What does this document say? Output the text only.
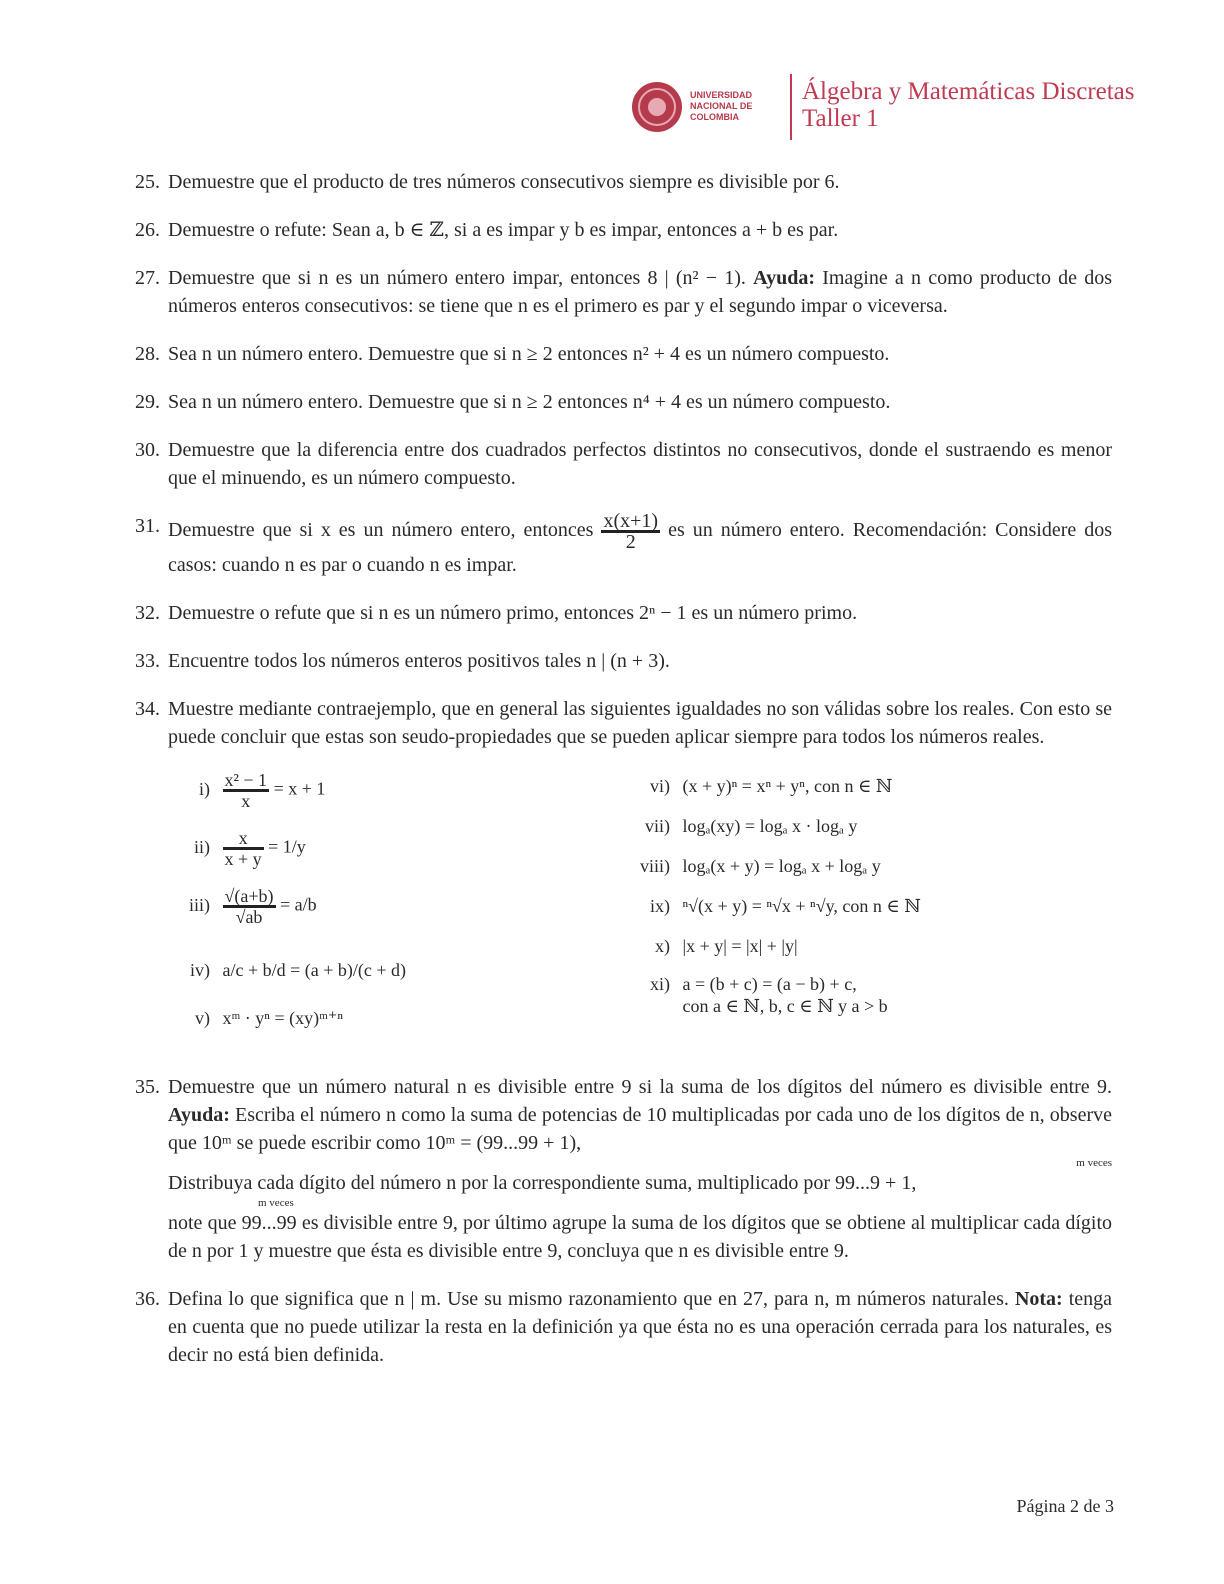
UNIVERSIDAD NACIONAL DE COLOMBIA
Álgebra y Matemáticas Discretas
Taller 1

25. Demuestre que el producto de tres números consecutivos siempre es divisible por 6.

26. Demuestre o refute: Sean a, b ∈ ℤ, si a es impar y b es impar, entonces a + b es par.

27. Demuestre que si n es un número entero impar, entonces 8 | (n² − 1). Ayuda: Imagine a n como producto de dos números enteros consecutivos: se tiene que n es el primero es par y el segundo impar o viceversa.

28. Sea n un número entero. Demuestre que si n ≥ 2 entonces n² + 4 es un número compuesto.

29. Sea n un número entero. Demuestre que si n ≥ 2 entonces n⁴ + 4 es un número compuesto.

30. Demuestre que la diferencia entre dos cuadrados perfectos distintos no consecutivos, donde el sustraendo es menor que el minuendo, es un número compuesto.

31. Demuestre que si x es un número entero, entonces $\frac{x(x+1)}{2}$ es un número entero. Recomendación: Considere dos casos: cuando n es par o cuando n es impar.

32. Demuestre o refute que si n es un número primo, entonces 2ⁿ − 1 es un número primo.

33. Encuentre todos los números enteros positivos tales n | (n + 3).

34. Muestre mediante contraejemplo, que en general las siguientes igualdades no son válidas sobre los reales. Con esto se puede concluir que estas son seudo-propiedades que se pueden aplicar siempre para todos los números reales.

$i) \frac{\text{x² − 1}}{x} = x + 1$
$ii) \frac{x}{x + y} = 1/y$
$iii) \frac{√(a+b)}{√ab} = a/b$
iv) a/c + b/d = (a + b)/(c + d)
v) xᵐ · yⁿ = (xy)ᵐ⁺ⁿ
vi) (x + y)ⁿ = xⁿ + yⁿ, con n ∈ ℕ
vii) logₐ(xy) = logₐ x · logₐ y
viii) logₐ(x + y) = logₐ x + logₐ y
ix) ⁿ√(x + y) = ⁿ√x + ⁿ√y, con n ∈ ℕ
x) |x + y| = |x| + |y|
xi) a = (b + c) = (a − b) + c,
con a ∈ ℕ, b, c ∈ ℕ y a > b

35. Demuestre que un número natural n es divisible entre 9 si la suma de los dígitos del número es divisible entre 9. Ayuda: Escriba el número n como la suma de potencias de 10 multiplicadas por cada uno de los dígitos de n, observe que 10ᵐ se puede escribir como 10ᵐ = (99...99 + 1),
m veces
Distribuya cada dígito del número n por la correspondiente suma, multiplicado por 99...9 + 1,
m veces
note que 99...99 es divisible entre 9, por último agrupe la suma de los dígitos que se obtiene al multiplicar cada dígito de n por 1 y muestre que ésta es divisible entre 9, concluya que n es divisible entre 9.

36. Defina lo que significa que n | m. Use su mismo razonamiento que en 27, para n, m números naturales. Nota: tenga en cuenta que no puede utilizar la resta en la definición ya que ésta no es una operación cerrada para los naturales, es decir no está bien definida.

Página 2 de 3
